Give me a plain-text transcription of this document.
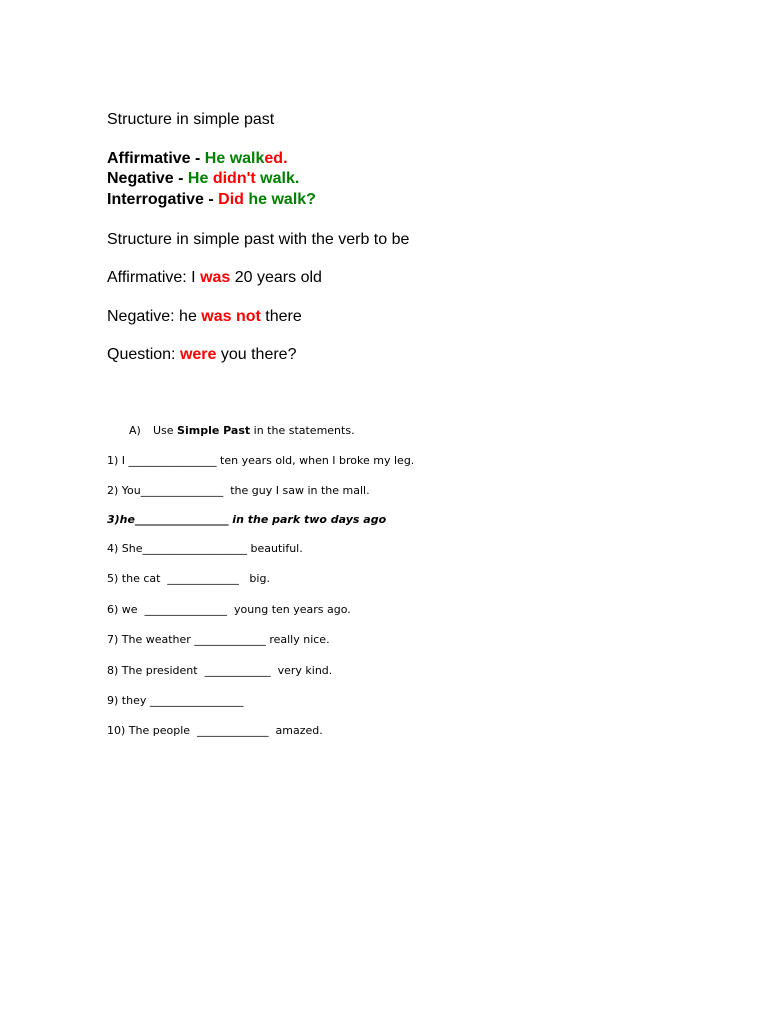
Structure in simple past
Affirmative - He walked.
Negative - He didn't walk.
Interrogative - Did he walk?
Structure in simple past with the verb to be
Affirmative: I was 20 years old
Negative: he was not there
Question: were you there?
A) Use Simple Past in the statements.
1) I ________________ ten years old, when I broke my leg.
2) You_______________  the guy I saw in the mall.
3)he_________________ in the park two days ago
4) She___________________ beautiful.
5) the cat  _____________   big.
6) we  _______________  young ten years ago.
7) The weather _____________ really nice.
8) The president  ____________  very kind.
9) they _________________
10) The people  _____________  amazed.
